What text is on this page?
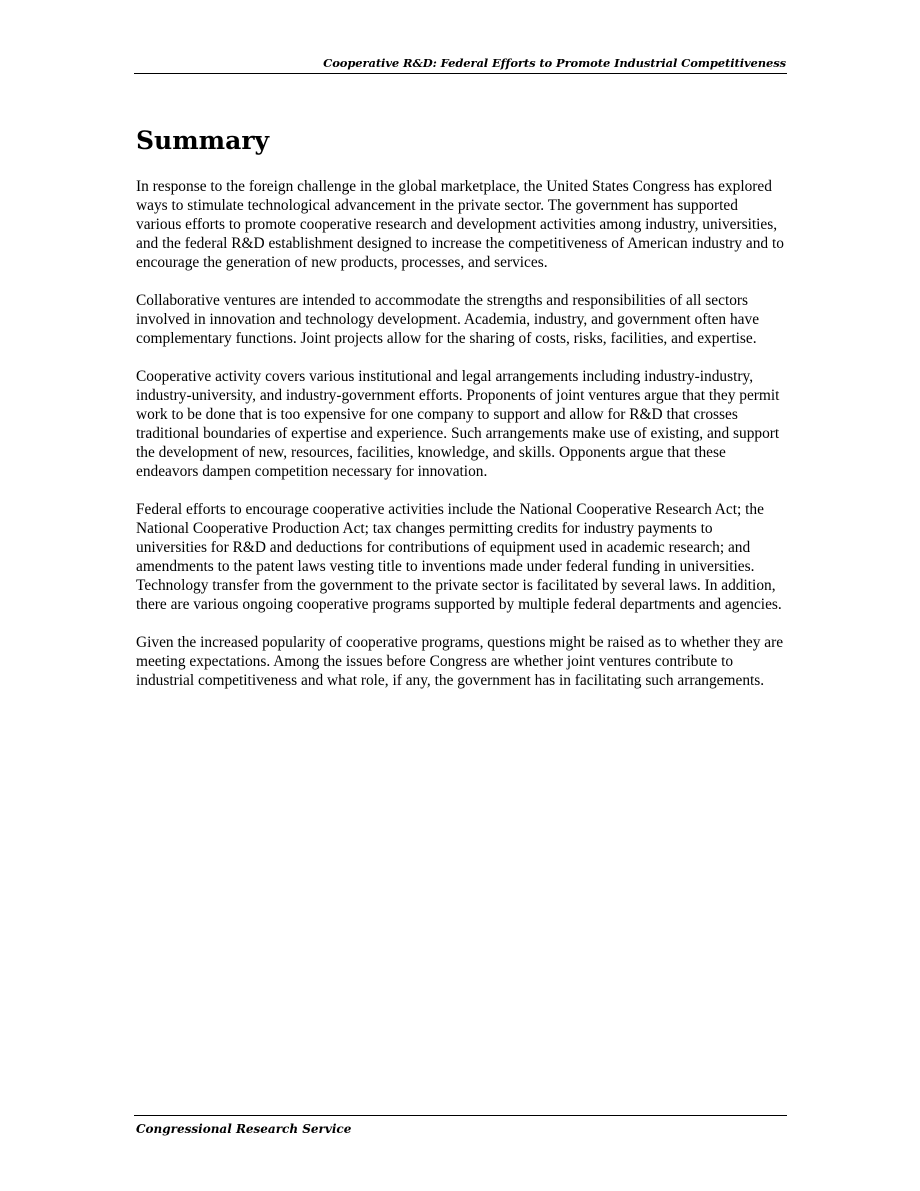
Cooperative R&D: Federal Efforts to Promote Industrial Competitiveness
Summary

In response to the foreign challenge in the global marketplace, the United States Congress has explored ways to stimulate technological advancement in the private sector. The government has supported various efforts to promote cooperative research and development activities among industry, universities, and the federal R&D establishment designed to increase the competitiveness of American industry and to encourage the generation of new products, processes, and services.

Collaborative ventures are intended to accommodate the strengths and responsibilities of all sectors involved in innovation and technology development. Academia, industry, and government often have complementary functions. Joint projects allow for the sharing of costs, risks, facilities, and expertise.

Cooperative activity covers various institutional and legal arrangements including industry-industry, industry-university, and industry-government efforts. Proponents of joint ventures argue that they permit work to be done that is too expensive for one company to support and allow for R&D that crosses traditional boundaries of expertise and experience. Such arrangements make use of existing, and support the development of new, resources, facilities, knowledge, and skills. Opponents argue that these endeavors dampen competition necessary for innovation.

Federal efforts to encourage cooperative activities include the National Cooperative Research Act; the National Cooperative Production Act; tax changes permitting credits for industry payments to universities for R&D and deductions for contributions of equipment used in academic research; and amendments to the patent laws vesting title to inventions made under federal funding in universities. Technology transfer from the government to the private sector is facilitated by several laws. In addition, there are various ongoing cooperative programs supported by multiple federal departments and agencies.

Given the increased popularity of cooperative programs, questions might be raised as to whether they are meeting expectations. Among the issues before Congress are whether joint ventures contribute to industrial competitiveness and what role, if any, the government has in facilitating such arrangements.

Congressional Research Service
